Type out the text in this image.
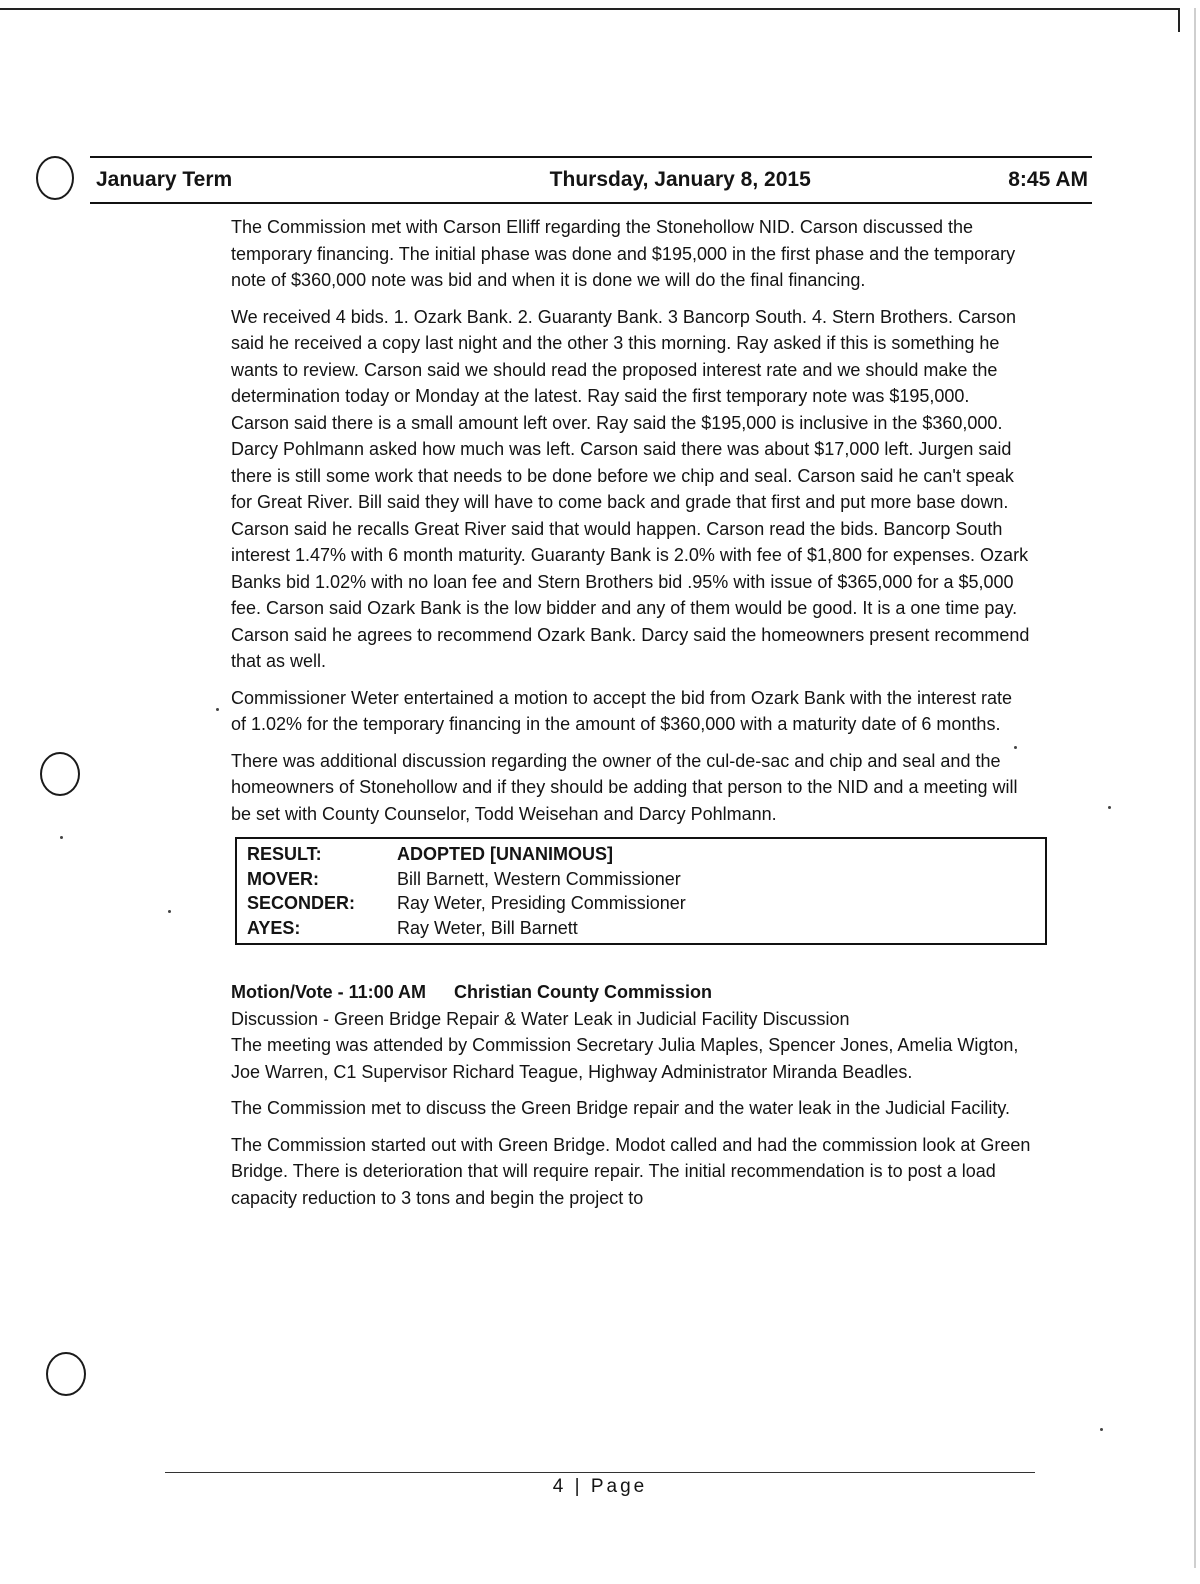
January Term	Thursday, January 8, 2015	8:45 AM

The Commission met with Carson Elliff regarding the Stonehollow NID. Carson discussed the temporary financing. The initial phase was done and $195,000 in the first phase and the temporary note of $360,000 note was bid and when it is done we will do the final financing.

We received 4 bids. 1. Ozark Bank. 2. Guaranty Bank. 3 Bancorp South. 4. Stern Brothers. Carson said he received a copy last night and the other 3 this morning. Ray asked if this is something he wants to review. Carson said we should read the proposed interest rate and we should make the determination today or Monday at the latest. Ray said the first temporary note was $195,000.

Carson said there is a small amount left over. Ray said the $195,000 is inclusive in the $360,000. Darcy Pohlmann asked how much was left. Carson said there was about $17,000 left. Jurgen said there is still some work that needs to be done before we chip and seal. Carson said he can't speak for Great River. Bill said they will have to come back and grade that first and put more base down. Carson said he recalls Great River said that would happen. Carson read the bids. Bancorp South interest 1.47% with 6 month maturity. Guaranty Bank is 2.0% with fee of $1,800 for expenses. Ozark Banks bid 1.02% with no loan fee and Stern Brothers bid .95% with issue of $365,000 for a $5,000 fee. Carson said Ozark Bank is the low bidder and any of them would be good. It is a one time pay. Carson said he agrees to recommend Ozark Bank. Darcy said the homeowners present recommend that as well.

Commissioner Weter entertained a motion to accept the bid from Ozark Bank with the interest rate of 1.02% for the temporary financing in the amount of $360,000 with a maturity date of 6 months.

There was additional discussion regarding the owner of the cul-de-sac and chip and seal and the homeowners of Stonehollow and if they should be adding that person to the NID and a meeting will be set with County Counselor, Todd Weisehan and Darcy Pohlmann.

RESULT:	ADOPTED [UNANIMOUS]
MOVER:	Bill Barnett, Western Commissioner
SECONDER:	Ray Weter, Presiding Commissioner
AYES:	Ray Weter, Bill Barnett
Motion/Vote - 11:00 AM Christian County Commission
Discussion - Green Bridge Repair & Water Leak in Judicial Facility Discussion

The meeting was attended by Commission Secretary Julia Maples, Spencer Jones, Amelia Wigton, Joe Warren, C1 Supervisor Richard Teague, Highway Administrator Miranda Beadles.

The Commission met to discuss the Green Bridge repair and the water leak in the Judicial Facility.

The Commission started out with Green Bridge. Modot called and had the commission look at Green Bridge. There is deterioration that will require repair. The initial recommendation is to post a load capacity reduction to 3 tons and begin the project to

4 | Page
